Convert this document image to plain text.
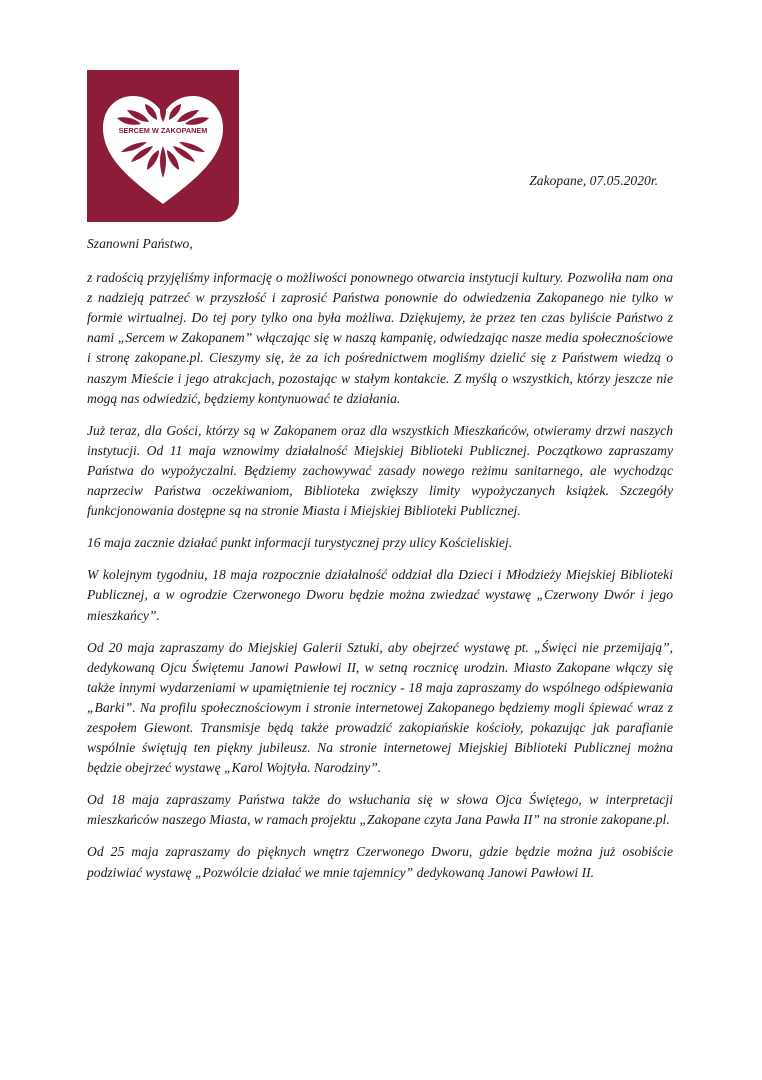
SERCEM W ZAKOPANEM
Zakopane, 07.05.2020r.

Szanowni Państwo,

z radością przyjęliśmy informację o możliwości ponownego otwarcia instytucji kultury. Pozwoliła nam ona z nadzieją patrzeć w przyszłość i zaprosić Państwa ponownie do odwiedzenia Zakopanego nie tylko w formie wirtualnej. Do tej pory tylko ona była możliwa. Dziękujemy, że przez ten czas byliście Państwo z nami „Sercem w Zakopanem” włączając się w naszą kampanię, odwiedzając nasze media społecznościowe i stronę zakopane.pl. Cieszymy się, że za ich pośrednictwem mogliśmy dzielić się z Państwem wiedzą o naszym Mieście i jego atrakcjach, pozostając w stałym kontakcie. Z myślą o wszystkich, którzy jeszcze nie mogą nas odwiedzić, będziemy kontynuować te działania.

Już teraz, dla Gości, którzy są w Zakopanem oraz dla wszystkich Mieszkańców, otwieramy drzwi naszych instytucji. Od 11 maja wznowimy działalność Miejskiej Biblioteki Publicznej. Początkowo zapraszamy Państwa do wypożyczalni. Będziemy zachowywać zasady nowego reżimu sanitarnego, ale wychodząc naprzeciw Państwa oczekiwaniom, Biblioteka zwiększy limity wypożyczanych książek. Szczegóły funkcjonowania dostępne są na stronie Miasta i Miejskiej Biblioteki Publicznej.

16 maja zacznie działać punkt informacji turystycznej przy ulicy Kościeliskiej.

W kolejnym tygodniu, 18 maja rozpocznie działalność oddział dla Dzieci i Młodzieży Miejskiej Biblioteki Publicznej, a w ogrodzie Czerwonego Dworu będzie można zwiedzać wystawę „Czerwony Dwór i jego mieszkańcy”.

Od 20 maja zapraszamy do Miejskiej Galerii Sztuki, aby obejrzeć wystawę pt. „Święci nie przemijają”, dedykowaną Ojcu Świętemu Janowi Pawłowi II, w setną rocznicę urodzin. Miasto Zakopane włączy się także innymi wydarzeniami w upamiętnienie tej rocznicy - 18 maja zapraszamy do wspólnego odśpiewania „Barki”. Na profilu społecznościowym i stronie internetowej Zakopanego będziemy mogli śpiewać wraz z zespołem Giewont. Transmisje będą także prowadzić zakopiańskie kościoły, pokazując jak parafianie wspólnie świętują ten piękny jubileusz. Na stronie internetowej Miejskiej Biblioteki Publicznej można będzie obejrzeć wystawę „Karol Wojtyła. Narodziny”.

Od 18 maja zapraszamy Państwa także do wsłuchania się w słowa Ojca Świętego, w interpretacji mieszkańców naszego Miasta, w ramach projektu „Zakopane czyta Jana Pawła II” na stronie zakopane.pl.

Od 25 maja zapraszamy do pięknych wnętrz Czerwonego Dworu, gdzie będzie można już osobiście podziwiać wystawę „Pozwólcie działać we mnie tajemnicy” dedykowaną Janowi Pawłowi II.
